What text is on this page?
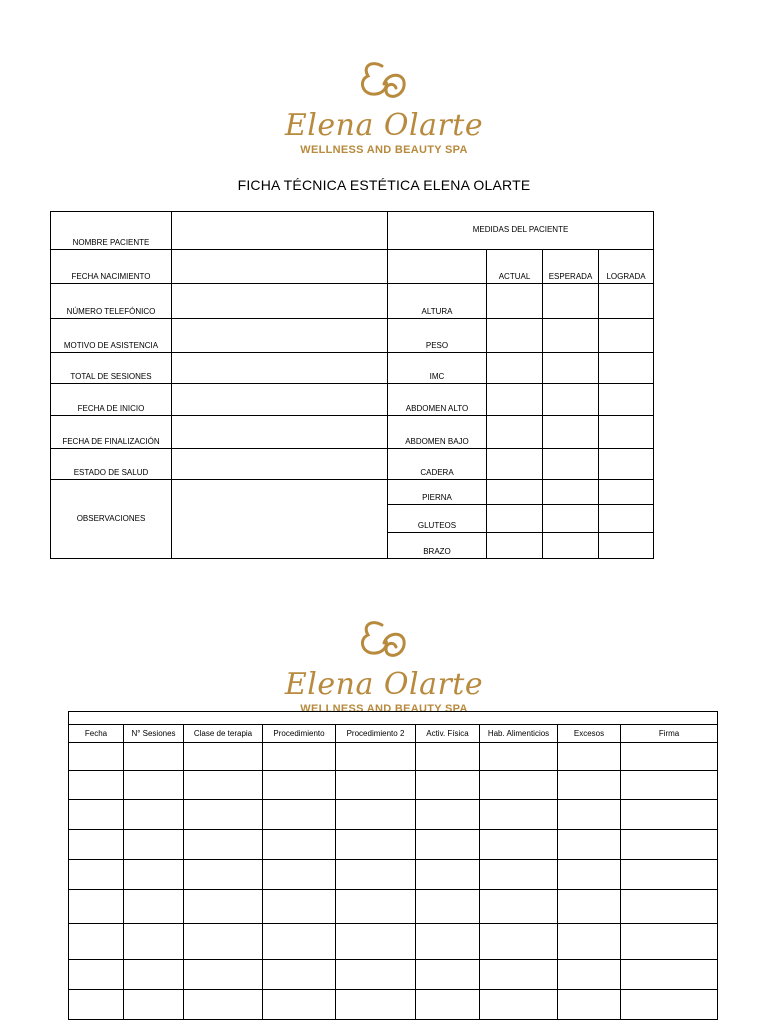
Elena Olarte
WELLNESS AND BEAUTY SPA
FICHA TÉCNICA ESTÉTICA ELENA OLARTE
NOMBRE PACIENTE		MEDIDAS DEL PACIENTE			
FECHA NACIMIENTO			ACTUAL	ESPERADA	LOGRADA
NÚMERO TELEFÓNICO		ALTURA			
MOTIVO DE ASISTENCIA		PESO			
TOTAL DE SESIONES		IMC			
FECHA DE INICIO		ABDOMEN ALTO			
FECHA DE FINALIZACIÓN		ABDOMEN BAJO			
ESTADO DE SALUD		CADERA			
OBSERVACIONES		PIERNA			
		GLUTEOS			
		BRAZO			
Elena Olarte
WELLNESS AND BEAUTY SPA

Fecha	N° Sesiones	Clase de terapia	Procedimiento	Procedimiento 2	Activ. Física	Hab. Alimenticios	Excesos	Firma
